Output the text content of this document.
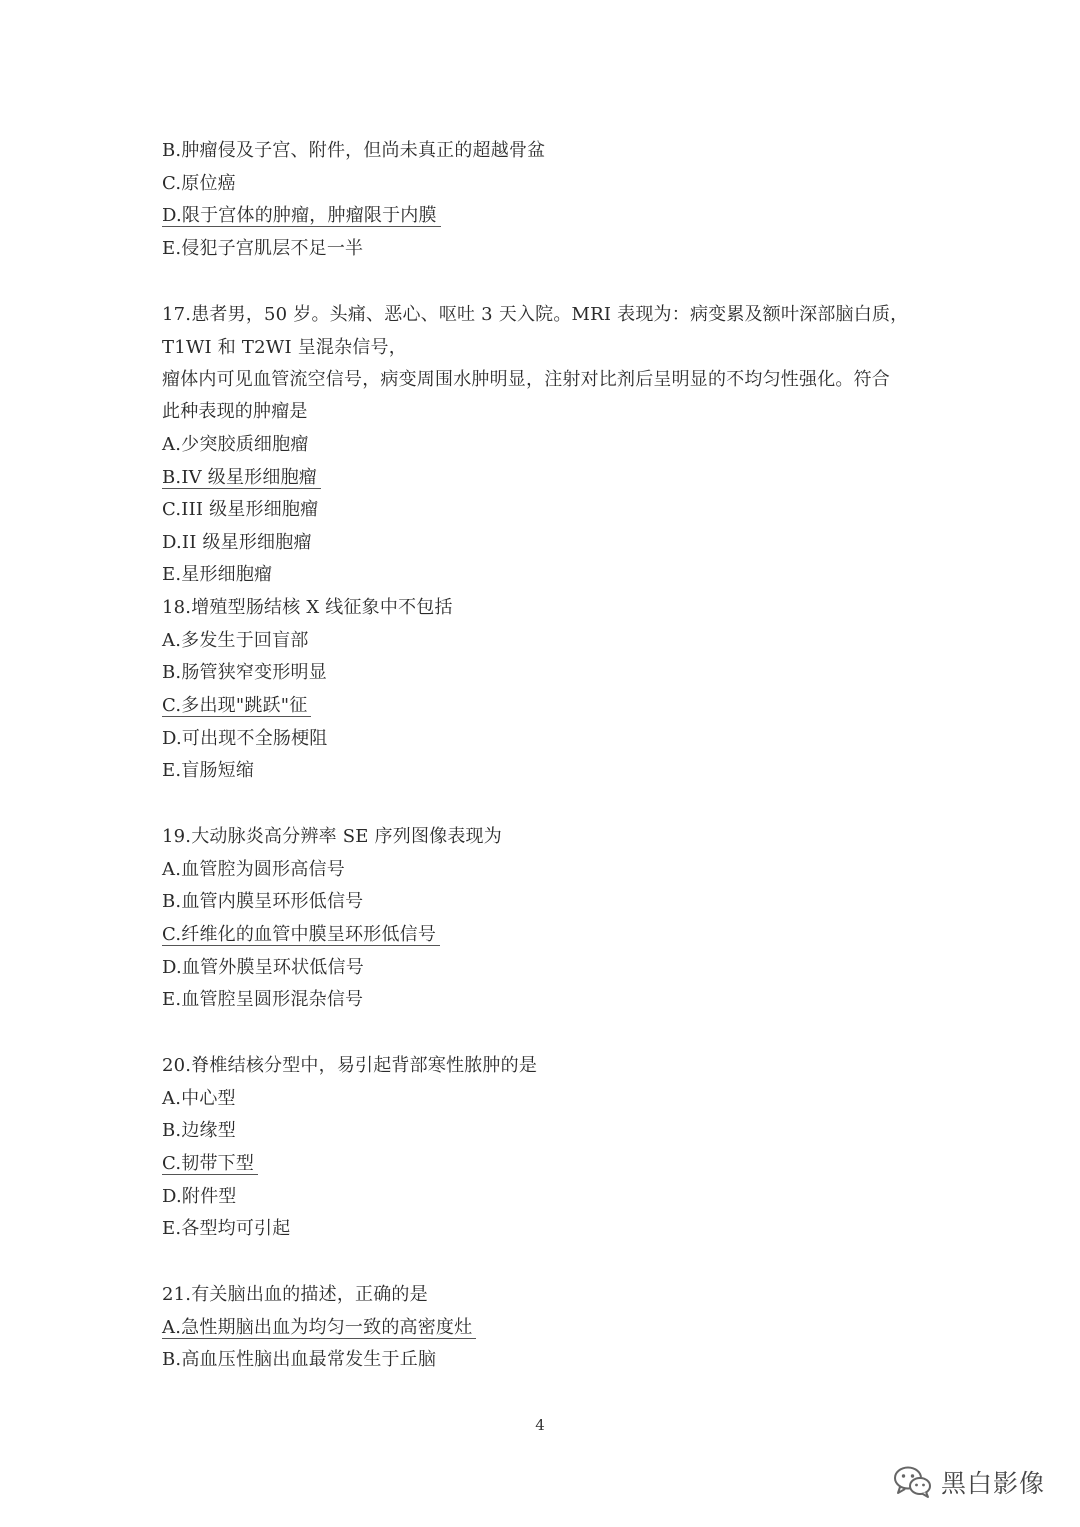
B.肿瘤侵及子宫、附件，但尚未真正的超越骨盆
C.原位癌
D.限于宫体的肿瘤，肿瘤限于内膜
E.侵犯子宫肌层不足一半
17.患者男，50 岁。头痛、恶心、呕吐 3 天入院。MRI 表现为：病变累及额叶深部脑白质，
T1WI 和 T2WI 呈混杂信号，
瘤体内可见血管流空信号，病变周围水肿明显，注射对比剂后呈明显的不均匀性强化。符合
此种表现的肿瘤是
A.少突胶质细胞瘤
B.IV 级星形细胞瘤
C.III 级星形细胞瘤
D.II 级星形细胞瘤
E.星形细胞瘤
18.增殖型肠结核 X 线征象中不包括
A.多发生于回盲部
B.肠管狭窄变形明显
C.多出现"跳跃"征
D.可出现不全肠梗阻
E.盲肠短缩
19.大动脉炎高分辨率 SE 序列图像表现为
A.血管腔为圆形高信号
B.血管内膜呈环形低信号
C.纤维化的血管中膜呈环形低信号
D.血管外膜呈环状低信号
E.血管腔呈圆形混杂信号
20.脊椎结核分型中，易引起背部寒性脓肿的是
A.中心型
B.边缘型
C.韧带下型
D.附件型
E.各型均可引起
21.有关脑出血的描述，正确的是
A.急性期脑出血为均匀一致的高密度灶
B.高血压性脑出血最常发生于丘脑
4
黑白影像
